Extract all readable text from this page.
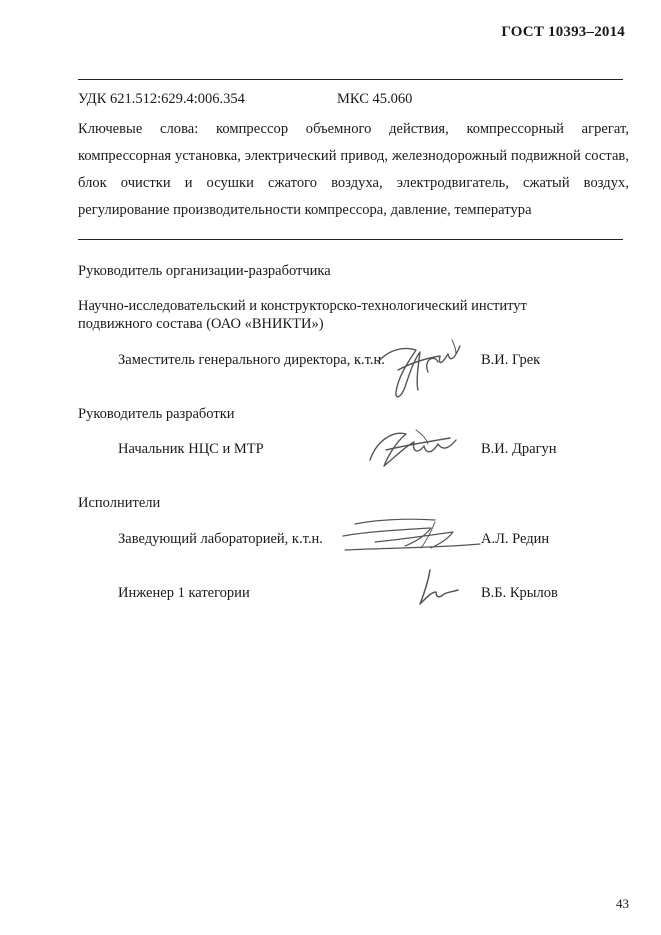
ГОСТ 10393–2014
УДК 621.512:629.4:006.354	МКС 45.060
Ключевые слова: компрессор объемного действия, компрессорный агрегат, компрессорная установка, электрический привод, железнодорожный подвижной состав, блок очистки и осушки сжатого воздуха, электродвигатель, сжатый воздух, регулирование производительности компрессора, давление, температура
Руководитель организации-разработчика
Научно-исследовательский и конструкторско-технологический институт подвижного состава (ОАО «ВНИКТИ»)
Заместитель генерального директора, к.т.н.	В.И. Грек
Руководитель разработки
Начальник НЦС и МТР	В.И. Драгун
Исполнители
Заведующий лабораторией, к.т.н.	А.Л. Редин
Инженер 1 категории	В.Б. Крылов
43
